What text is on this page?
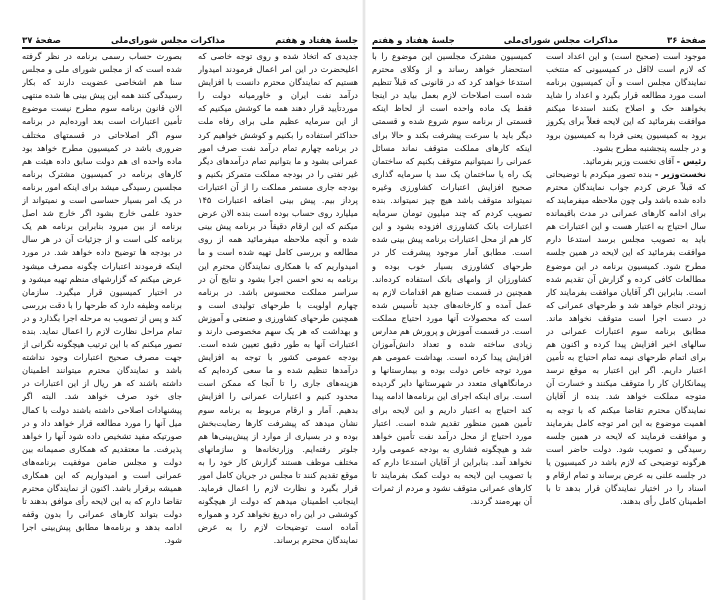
صفحهٔ ۳۷	مذاکرات مجلس شورای‌ملی	جلسهٔ هفتاد و هفتم

بصورت حساب رسمی برنامه در نظر گرفته شده است که از مجلس شورای ملی و مجلس سنا هم اشخاصی عضویت دارند که بکار رسیدگی کنند همه این پیش بینی ها شده منتهی الان قانون برنامه سوم مطرح نیست موضوع تأمین اعتبارات است بعد اورده‌ایم در برنامه سوم اگر اصلاحاتی در قسمتهای مختلف ضروری باشد در کمیسیون مطرح خواهد بود ماده واحده ای هم دولت سابق داده هیئت هم کارهای برنامه در کمیسیون مشترک برنامه مجلسین رسیدگی میشد برای اینکه امور برنامه در یک امر بسیار حساسی است و نمیتواند از حدود علمی خارج بشود اگر خارج شد اصل برنامه از بین میرود بنابراین برنامه هم یک برنامه کلی است و از جزئیات آن در هر سال در بودجه ها توضیح داده خواهد شد. در مورد اینکه فرمودند اعتبارات چگونه مصرف میشود عرض میکنم که گزارشهای منظم تهیه میشود و در اختیار کمیسیون قرار میگیرد. سازمان برنامه وظیفه دارد که طرحها را با دقت بررسی کند و پس از تصویب به مرحله اجرا بگذارد و در تمام مراحل نظارت لازم را اعمال نماید. بنده تصور میکنم که با این ترتیب هیچگونه نگرانی از جهت مصرف صحیح اعتبارات وجود نداشته باشد و نمایندگان محترم میتوانند اطمینان داشته باشند که هر ریال از این اعتبارات در جای خود صرف خواهد شد. البته اگر پیشنهادات اصلاحی داشته باشند دولت با کمال میل آنها را مورد مطالعه قرار خواهد داد و در صورتیکه مفید تشخیص داده شود آنها را خواهد پذیرفت. ما معتقدیم که همکاری صمیمانه بین دولت و مجلس ضامن موفقیت برنامه‌های عمرانی است و امیدواریم که این همکاری همیشه برقرار باشد. اکنون از نمایندگان محترم تقاضا دارم که به این لایحه رأی موافق بدهند تا دولت بتواند کارهای عمرانی را بدون وقفه ادامه بدهد و برنامه‌ها مطابق پیش‌بینی اجرا شود.

جدیدی که اتخاذ شده و روی توجه خاصی که اعلیحضرت در این امر اعمال فرمودند امیدوار هستیم که نمایندگان محترم دانست با افزایش درآمد نفت ایران و خاورمیانه دولت را موردتأیید قرار دهند همه ما کوشش میکنیم که از این سرمایه عظیم ملی برای رفاه ملت حداکثر استفاده را بکنیم و کوشش خواهیم کرد در برنامه چهارم تمام درآمد نفت صرف امور عمرانی بشود و ما بتوانیم تمام درآمدهای دیگر غیر نفتی را در بودجه مملکت متمرکز بکنیم و بودجه جاری مستمر مملکت را از آن اعتبارات پرداز بیم. پیش بینی اضافه اعتبارات ۱۴۵ میلیارد روی حساب بوده است بنده الان عرض میکنم که این ارقام دقیقاً در برنامه پیش بینی شده و آنچه ملاحظه میفرمائید همه از روی مطالعه و بررسی کامل تهیه شده است و ما امیدواریم که با همکاری نمایندگان محترم این برنامه به نحو احسن اجرا بشود و نتایج آن در سراسر مملکت محسوس باشد. در برنامه چهارم اولویت با طرحهای تولیدی است و همچنین طرحهای کشاورزی و صنعتی و آموزش و بهداشت که هر یک سهم مخصوصی دارند و اعتبارات آنها به طور دقیق تعیین شده است. بودجه عمومی کشور با توجه به افزایش درآمدها تنظیم شده و ما سعی کرده‌ایم که هزینه‌های جاری را تا آنجا که ممکن است محدود کنیم و اعتبارات عمرانی را افزایش بدهیم. آمار و ارقام مربوط به برنامه سوم نشان میدهد که پیشرفت کارها رضایت‌بخش بوده و در بسیاری از موارد از پیش‌بینی‌ها هم جلوتر رفته‌ایم. وزارتخانه‌ها و سازمانهای مختلف موظف هستند گزارش کار خود را به موقع تقدیم کنند تا مجلس در جریان کامل امور قرار بگیرد و نظارت لازم را اعمال فرماید. اینجانب اطمینان میدهم که دولت از هیچگونه کوششی در این راه دریغ نخواهد کرد و همواره آماده است توضیحات لازم را به عرض نمایندگان محترم برساند.

جلسهٔ هفتاد و هفتم	مذاکرات مجلس شورای‌ملی	صفحهٔ ۳۶

کمیسیون مشترک مجلسین این موضوع را با استحضار خواهد رساند و از وکلای محترم استدعا خواهد کرد که در قانونی که قبلاً تنظیم شده است اصلاحات لازم بعمل بیاید در اینجا فقط یک ماده واحده است از لحاظ اینکه قسمتی از برنامه سوم شروع شده و قسمتی دیگر باید با سرعت پیشرفت بکند و حالا برای اینکه کارهای مملکت متوقف نماند مسائل عمرانی را نمیتوانیم متوقف بکنیم که ساختمان یک راه یا ساختمان یک سد یا سرمایه گذاری صحیح افزایش اعتبارات کشاورزی وغیره نمیتواند متوقف باشد هیچ چیز نمیتواند. بنده تصویب کردم که چند میلیون تومان سرمایه اعتبارات بانک کشاورزی افزوده بشود و این کار هم از محل اعتبارات برنامه پیش بینی شده است. مطابق آمار موجود پیشرفت کار در طرحهای کشاورزی بسیار خوب بوده و کشاورزان از وامهای بانک استفاده کرده‌اند. همچنین در قسمت صنایع هم اقدامات لازم به عمل آمده و کارخانه‌های جدید تأسیس شده است که محصولات آنها مورد احتیاج مملکت است. در قسمت آموزش و پرورش هم مدارس زیادی ساخته شده و تعداد دانش‌آموزان افزایش پیدا کرده است. بهداشت عمومی هم مورد توجه خاص دولت بوده و بیمارستانها و درمانگاههای متعدد در شهرستانها دایر گردیده است. برای اینکه اجرای این برنامه‌ها ادامه پیدا کند احتیاج به اعتبار داریم و این لایحه برای تأمین همین منظور تقدیم شده است. اعتبار مورد احتیاج از محل درآمد نفت تأمین خواهد شد و هیچگونه فشاری به بودجه عمومی وارد نخواهد آمد. بنابراین از آقایان استدعا دارم که با تصویب این لایحه به دولت کمک بفرمایند تا کارهای عمرانی متوقف نشود و مردم از ثمرات آن بهره‌مند گردند.

موجود است (صحیح است) و این اعداد است که لازم است لااقل در کمیسیونی که منتخب نمایندگان مجلس است و آن کمیسیون برنامه است مورد مطالعه قرار بگیرد و اعداد را شاید بخواهند حک و اصلاح بکنند استدعا میکنم موافقت بفرمائید که این لایحه فعلاً برای یکروز برود به کمیسیون یعنی فردا به کمیسیون برود و در جلسه پنجشنبه مطرح بشود.

رئیس - آقای نخست وزیر بفرمائید.

نخست‌وزیر - بنده تصور میکردم با توضیحاتی که قبلاً عرض کردم جواب نمایندگان محترم داده شده باشد ولی چون ملاحظه میفرمایند که برای ادامه کارهای عمرانی در مدت باقیمانده سال احتیاج به اعتبار هست و این اعتبارات هم باید به تصویب مجلس برسد استدعا دارم موافقت بفرمائید که این لایحه در همین جلسه مطرح شود. کمیسیون برنامه در این موضوع مطالعات کافی کرده و گزارش آن تقدیم شده است. بنابراین اگر آقایان موافقت بفرمایند کار زودتر انجام خواهد شد و طرحهای عمرانی که در دست اجرا است متوقف نخواهد ماند. مطابق برنامه سوم اعتبارات عمرانی در سالهای اخیر افزایش پیدا کرده و اکنون هم برای اتمام طرحهای نیمه تمام احتیاج به تأمین اعتبار داریم. اگر این اعتبار به موقع نرسد پیمانکاران کار را متوقف میکنند و خسارت آن متوجه مملکت خواهد شد. بنده از آقایان نمایندگان محترم تقاضا میکنم که با توجه به اهمیت موضوع به این امر توجه کامل بفرمایند و موافقت فرمایند که لایحه در همین جلسه رسیدگی و تصویب شود. دولت حاضر است هرگونه توضیحی که لازم باشد در کمیسیون یا در جلسه علنی به عرض برساند و تمام ارقام و اسناد را در اختیار نمایندگان قرار بدهد تا با اطمینان کامل رأی بدهند.
